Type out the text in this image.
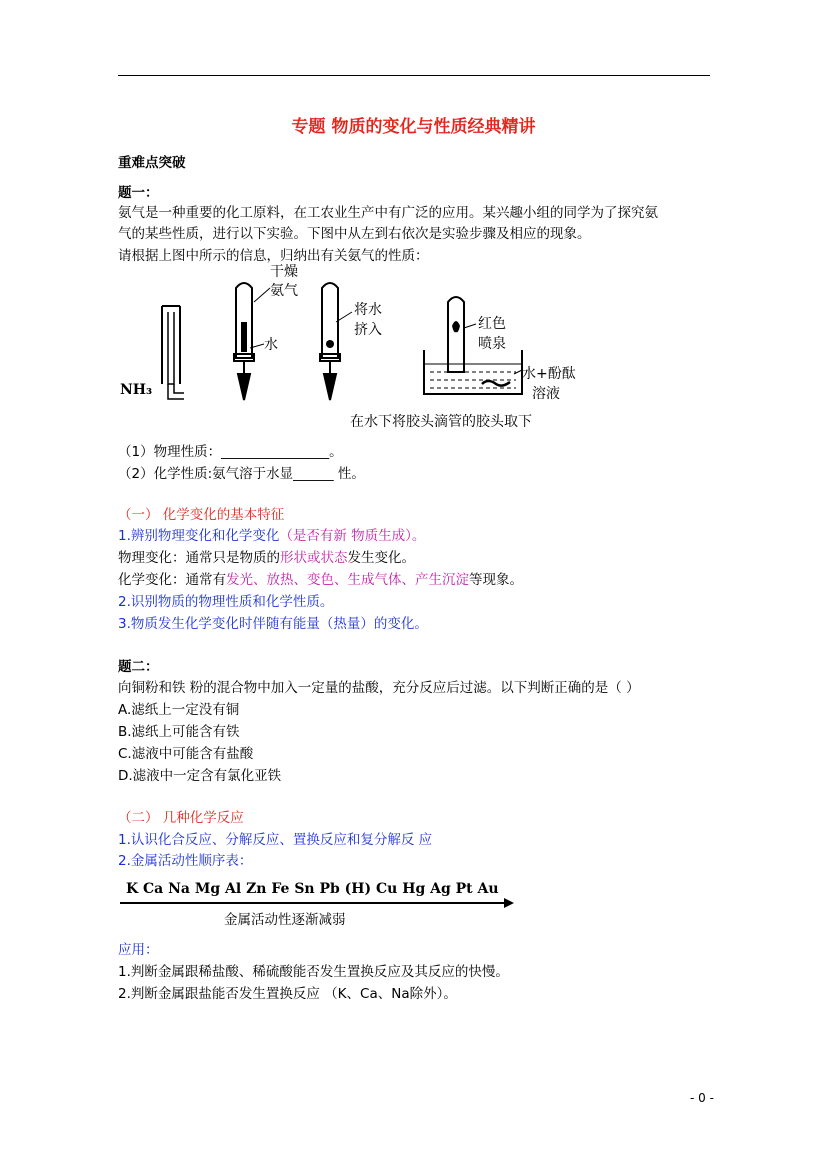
专题 物质的变化与性质经典精讲
重难点突破
题一：
氨气是一种重要的化工原料，在工农业生产中有广泛的应用。某兴趣小组的同学为了探究氨
气的某些性质，进行以下实验。下图中从左到右依次是实验步骤及相应的现象。
请根据上图中所示的信息，归纳出有关氨气的性质：
NH₃
干燥
氨气
水
将水
挤入	红色
喷泉
水+酚酞
溶液
在水下将胶头滴管的胶头取下
（1）物理性质：________________。
（2）化学性质:氨气溶于水显______ 性。
（一） 化学变化的基本特征
1.辨别物理变化和化学变化（是否有新 物质生成）。
物理变化：通常只是物质的形状或状态发生变化。
化学变化：通常有发光、放热、变色、生成气体、产生沉淀等现象。
2.识别物质的物理性质和化学性质。
3.物质发生化学变化时伴随有能量（热量）的变化。
题二：
向铜粉和铁 粉的混合物中加入一定量的盐酸，充分反应后过滤。以下判断正确的是（ ）
A.滤纸上一定没有铜
B.滤纸上可能含有铁
C.滤液中可能含有盐酸
D.滤液中一定含有氯化亚铁
（二） 几种化学反应
1.认识化合反应、分解反应、置换反应和复分解反 应
2.金属活动性顺序表：
K Ca Na Mg Al Zn Fe Sn Pb (H) Cu Hg Ag Pt Au
金属活动性逐渐减弱
应用：
1.判断金属跟稀盐酸、稀硫酸能否发生置换反应及其反应的快慢。
2.判断金属跟盐能否发生置换反应 （K、Ca、Na除外）。
- 0 -
